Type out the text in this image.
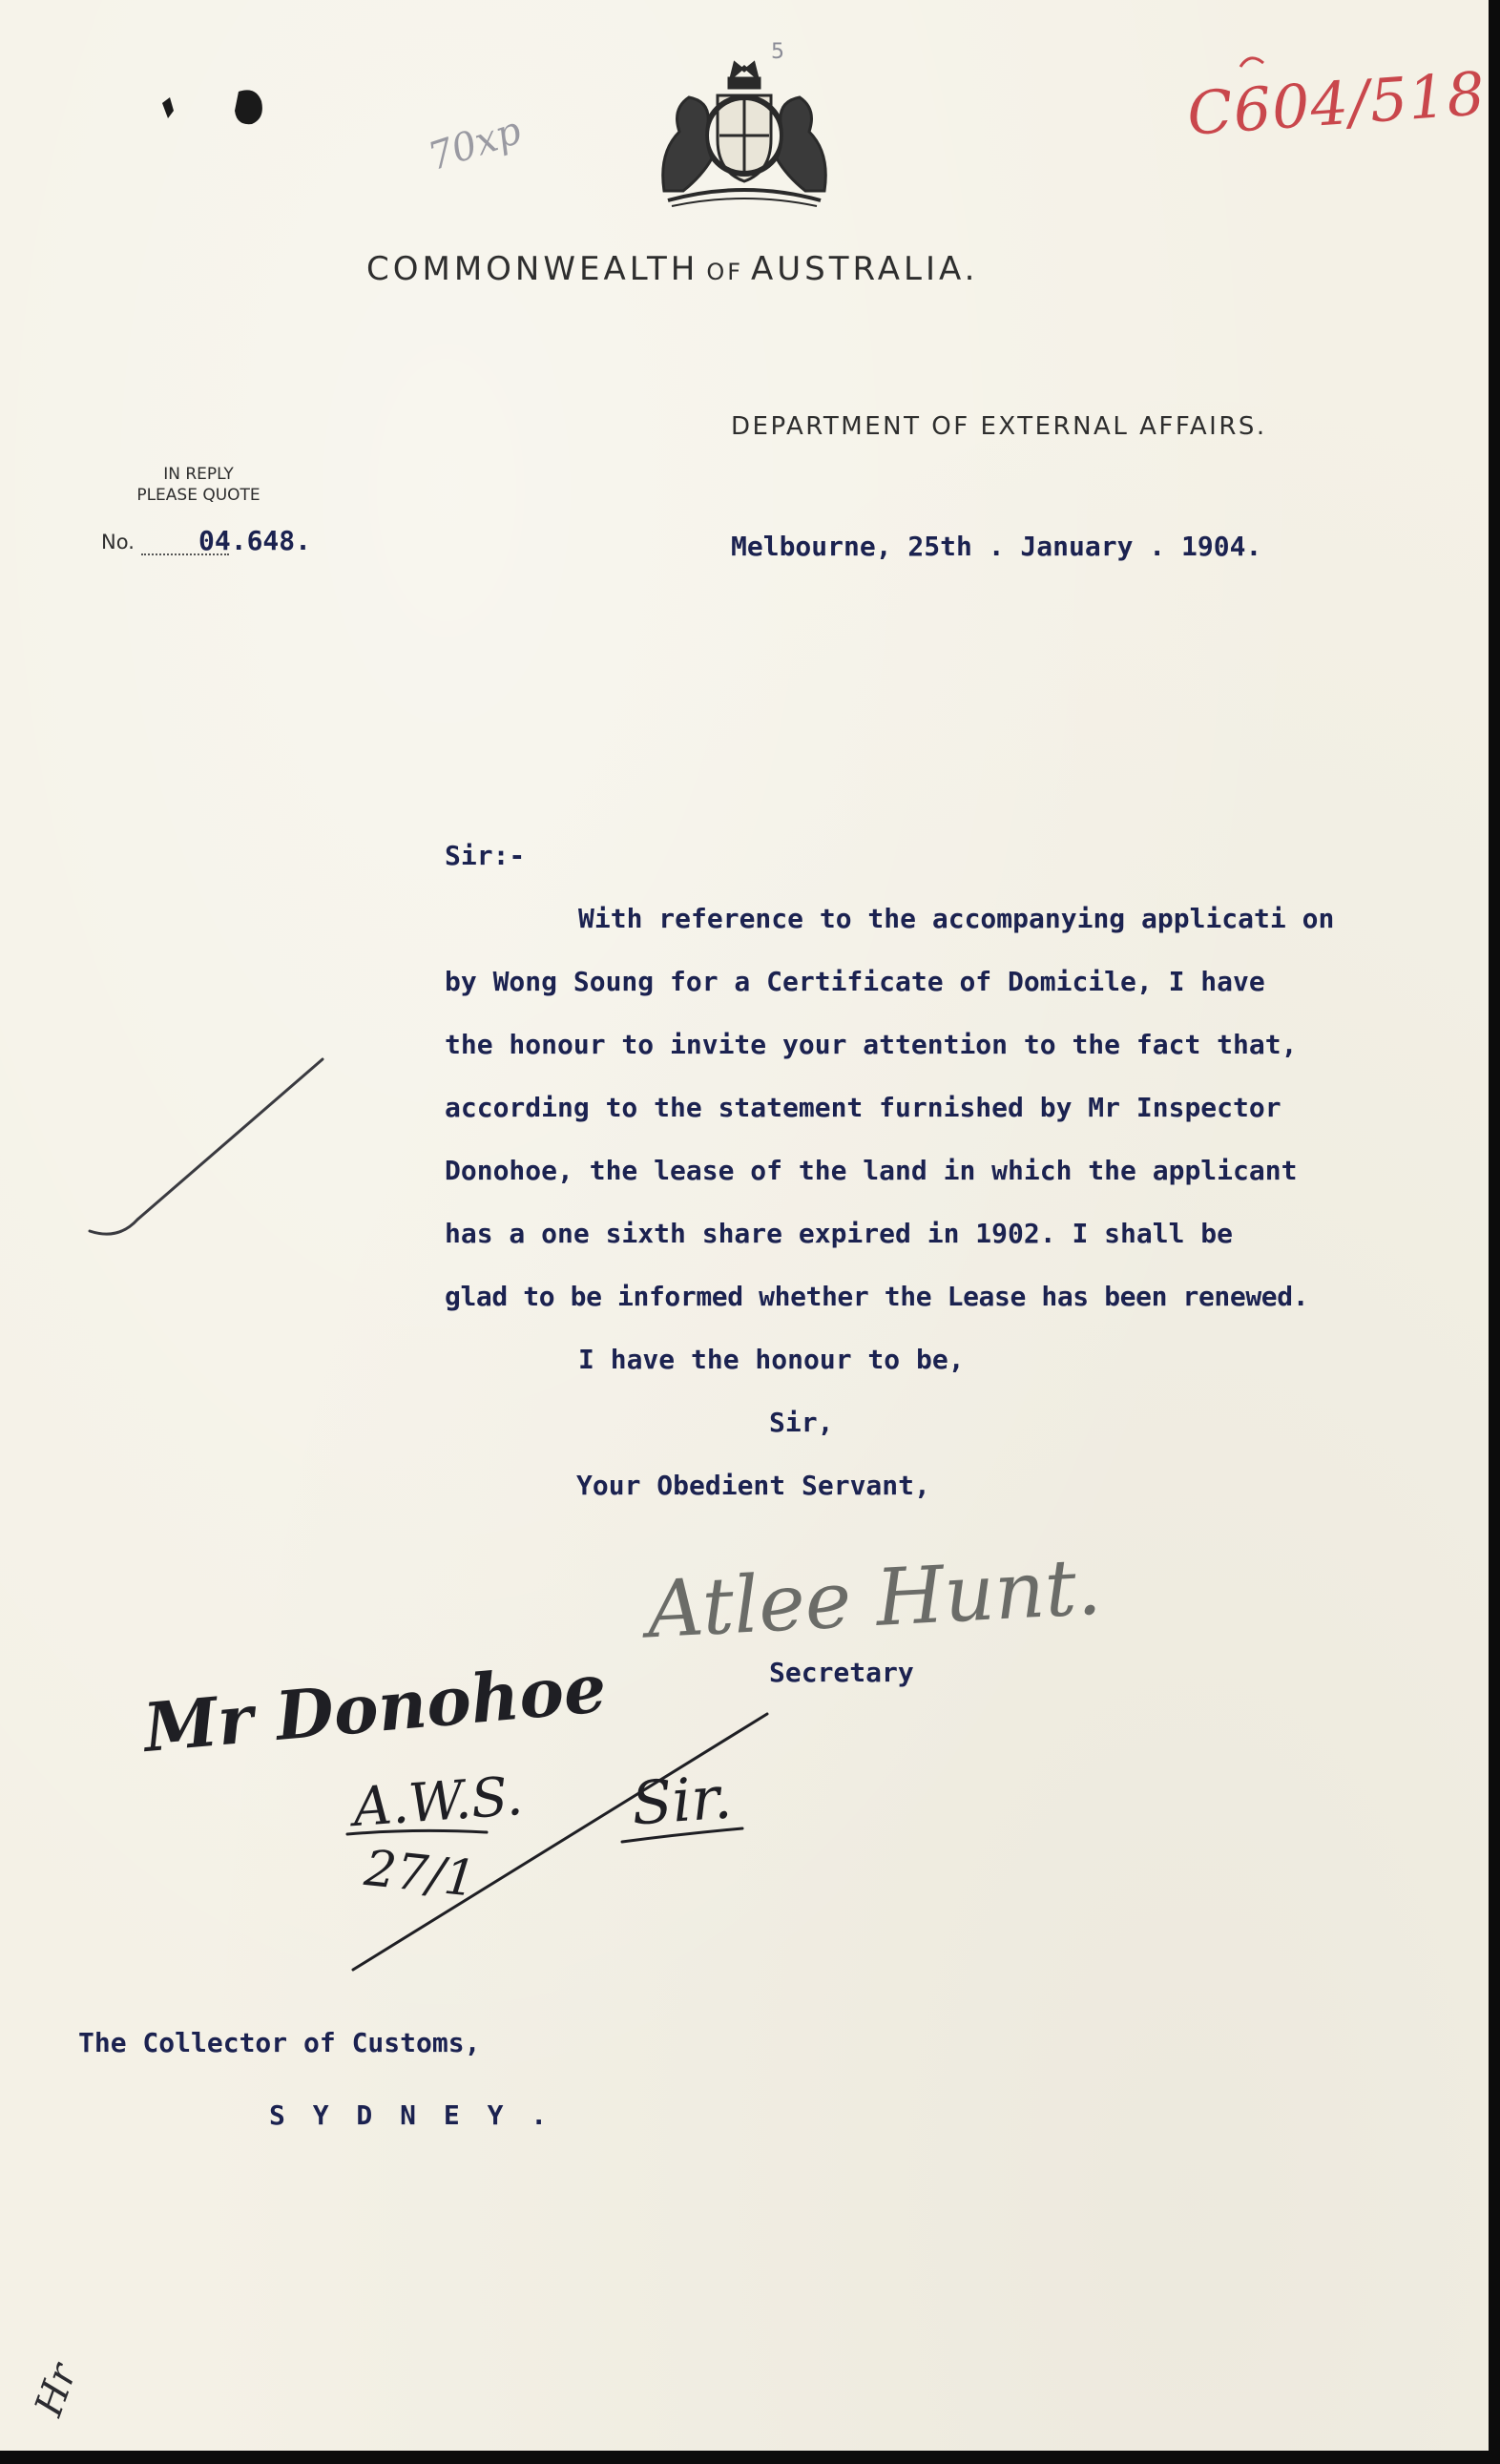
5

COMMONWEALTH OF AUSTRALIA.

DEPARTMENT OF EXTERNAL AFFAIRS.

IN REPLY
PLEASE QUOTE
No. 04.648.	Melbourne, 25th . January . 1904.

Sir:-

With reference to the accompanying applicati on

by Wong Soung for a Certificate of Domicile, I have

the honour to invite your attention to the fact that,

according to the statement furnished by Mr Inspector

Donohoe, the lease of the land in which the applicant

has a one sixth share expired in 1902. I shall be

glad to be informed whether the Lease has been renewed.

I have the honour to be,

Sir,

Your Obedient Servant,

Atlee Hunt.

Secretary

The Collector of Customs,

S Y D N E Y .

C604/518

70xp

Mr Donohoe

A.W.S.

27/1

Sir.

Hr
